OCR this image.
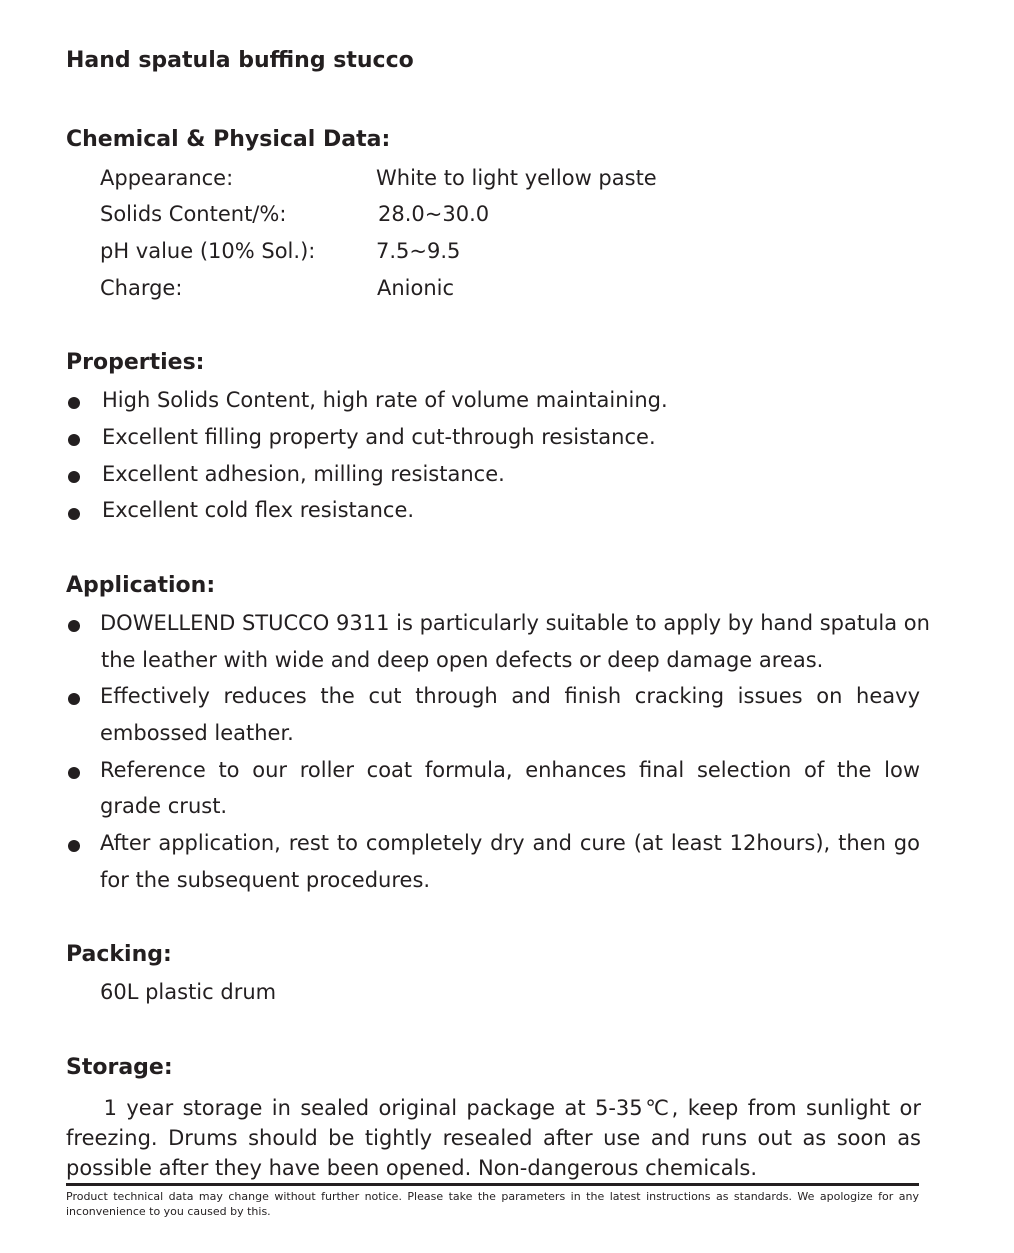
Hand spatula buffing stucco
Chemical & Physical Data:
Appearance:	White to light yellow paste
Solids Content/%:	28.0~30.0
pH value (10% Sol.):	7.5~9.5
Charge:	Anionic
Properties:
High Solids Content, high rate of volume maintaining.
Excellent filling property and cut-through resistance.
Excellent adhesion, milling resistance.
Excellent cold flex resistance.
Application:
DOWELLEND STUCCO 9311 is particularly suitable to apply by hand spatula on
the leather with wide and deep open defects or deep damage areas.
Effectively reduces the cut through and finish cracking issues on heavy
embossed leather.
Reference to our roller coat formula, enhances final selection of the low
grade crust.
After application, rest to completely dry and cure (at least 12hours), then go
for the subsequent procedures.
Packing:
60L plastic drum
Storage:
1 year storage in sealed original package at 5-35℃, keep from sunlight or freezing. Drums should be tightly resealed after use and runs out as soon as possible after they have been opened. Non-dangerous chemicals.
Product technical data may change without further notice. Please take the parameters in the latest instructions as standards. We apologize for any inconvenience to you caused by this.
